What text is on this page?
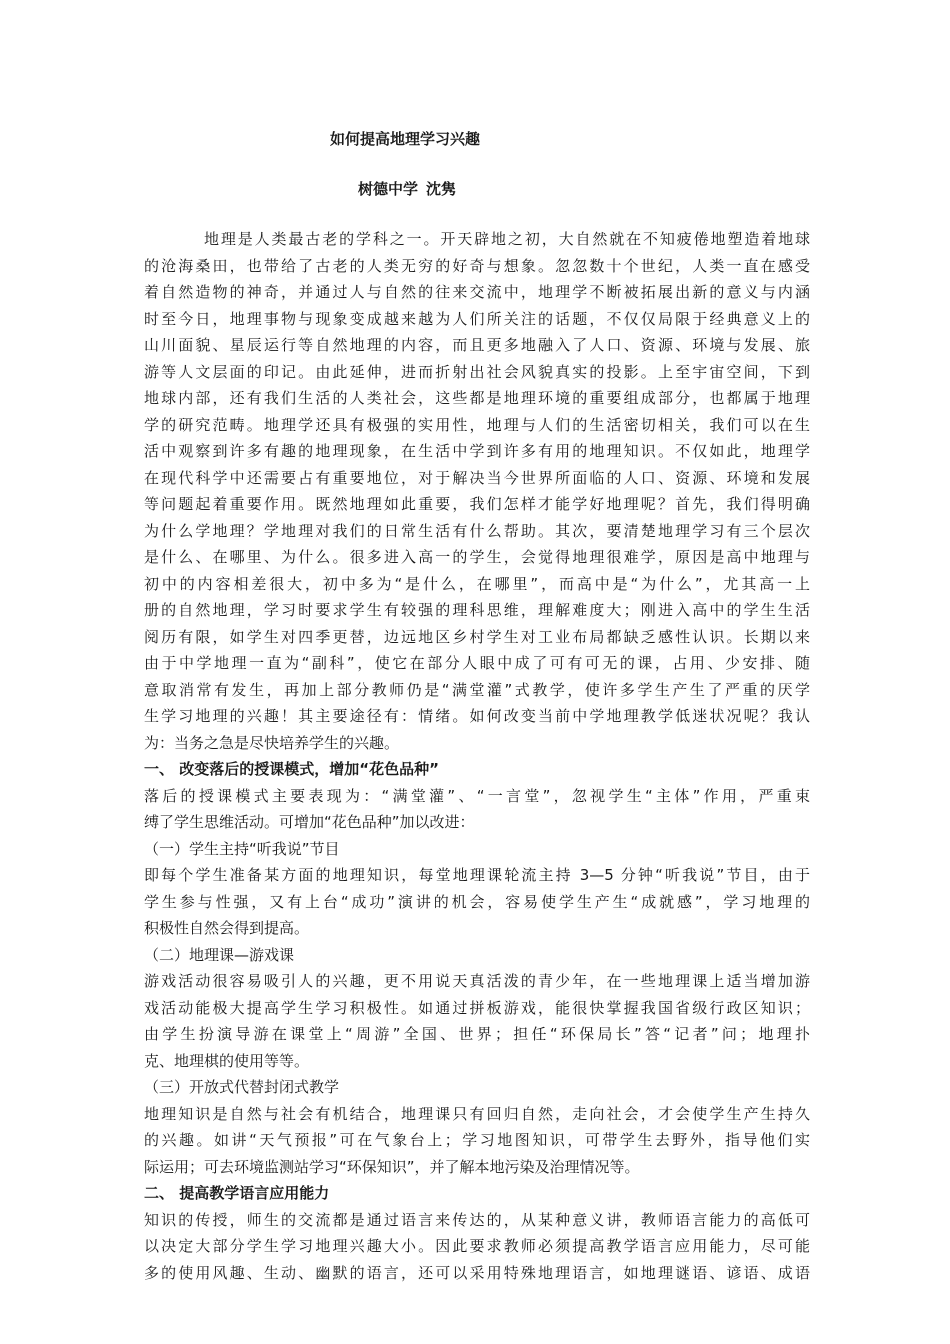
如何提高地理学习兴趣
树德中学 沈隽
地理是人类最古老的学科之一。开天辟地之初，大自然就在不知疲倦地塑造着地球
的沧海桑田，也带给了古老的人类无穷的好奇与想象。忽忽数十个世纪，人类一直在感受
着自然造物的神奇，并通过人与自然的往来交流中，地理学不断被拓展出新的意义与内涵
时至今日，地理事物与现象变成越来越为人们所关注的话题，不仅仅局限于经典意义上的
山川面貌、星辰运行等自然地理的内容，而且更多地融入了人口、资源、环境与发展、旅
游等人文层面的印记。由此延伸，进而折射出社会风貌真实的投影。上至宇宙空间，下到
地球内部，还有我们生活的人类社会，这些都是地理环境的重要组成部分，也都属于地理
学的研究范畴。地理学还具有极强的实用性，地理与人们的生活密切相关，我们可以在生
活中观察到许多有趣的地理现象，在生活中学到许多有用的地理知识。不仅如此，地理学
在现代科学中还需要占有重要地位，对于解决当今世界所面临的人口、资源、环境和发展
等问题起着重要作用。既然地理如此重要，我们怎样才能学好地理呢？首先，我们得明确
为什么学地理？学地理对我们的日常生活有什么帮助。其次，要清楚地理学习有三个层次
是什么、在哪里、为什么。很多进入高一的学生，会觉得地理很难学，原因是高中地理与
初中的内容相差很大，初中多为“是什么，在哪里”，而高中是“为什么”，尤其高一上
册的自然地理，学习时要求学生有较强的理科思维，理解难度大；刚进入高中的学生生活
阅历有限，如学生对四季更替，边远地区乡村学生对工业布局都缺乏感性认识。长期以来
由于中学地理一直为“副科”，使它在部分人眼中成了可有可无的课，占用、少安排、随
意取消常有发生，再加上部分教师仍是“满堂灌”式教学，使许多学生产生了严重的厌学
生学习地理的兴趣！其主要途径有：情绪。如何改变当前中学地理教学低迷状况呢？我认
为：当务之急是尽快培养学生的兴趣。
一、 改变落后的授课模式，增加“花色品种”
落后的授课模式主要表现为：“满堂灌”、“一言堂”，忽视学生“主体”作用，严重束
缚了学生思维活动。可增加“花色品种”加以改进：
（一）学生主持“听我说”节目
即每个学生准备某方面的地理知识，每堂地理课轮流主持 3—5 分钟“听我说”节目，由于
学生参与性强，又有上台“成功”演讲的机会，容易使学生产生“成就感”，学习地理的
积极性自然会得到提高。
（二）地理课—游戏课
游戏活动很容易吸引人的兴趣，更不用说天真活泼的青少年，在一些地理课上适当增加游
戏活动能极大提高学生学习积极性。如通过拼板游戏，能很快掌握我国省级行政区知识；
由学生扮演导游在课堂上“周游”全国、世界；担任“环保局长”答“记者”问；地理扑
克、地理棋的使用等等。
（三）开放式代替封闭式教学
地理知识是自然与社会有机结合，地理课只有回归自然，走向社会，才会使学生产生持久
的兴趣。如讲“天气预报”可在气象台上；学习地图知识，可带学生去野外，指导他们实
际运用；可去环境监测站学习“环保知识”，并了解本地污染及治理情况等。
二、 提高教学语言应用能力
知识的传授，师生的交流都是通过语言来传达的，从某种意义讲，教师语言能力的高低可
以决定大部分学生学习地理兴趣大小。因此要求教师必须提高教学语言应用能力，尽可能
多的使用风趣、生动、幽默的语言，还可以采用特殊地理语言，如地理谜语、谚语、成语
